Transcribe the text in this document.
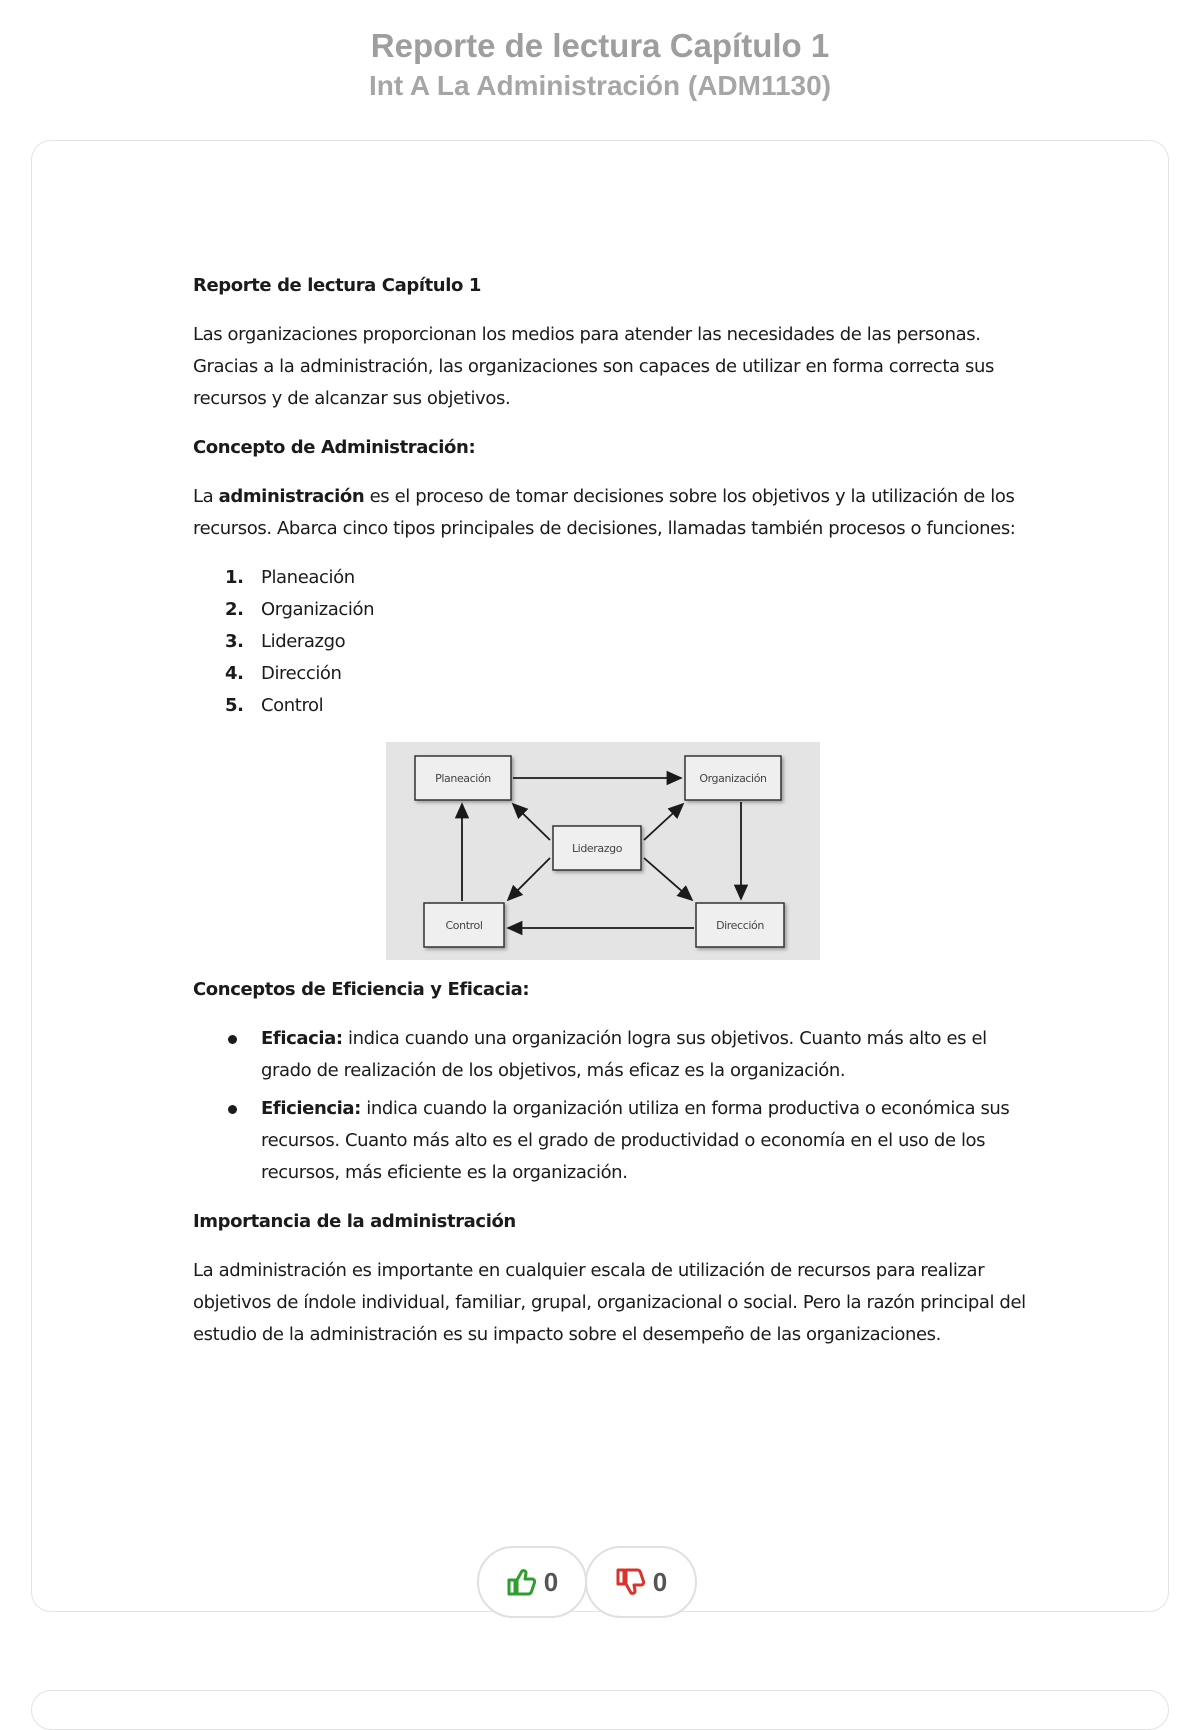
Reporte de lectura Capítulo 1
Int A La Administración (ADM1130)

Reporte de lectura Capítulo 1

Las organizaciones proporcionan los medios para atender las necesidades de las personas. Gracias a la administración, las organizaciones son capaces de utilizar en forma correcta sus recursos y de alcanzar sus objetivos.

Concepto de Administración:

La administración es el proceso de tomar decisiones sobre los objetivos y la utilización de los recursos. Abarca cinco tipos principales de decisiones, llamadas también procesos o funciones:

1. Planeación
2. Organización
3. Liderazgo
4. Dirección
5. Control
Planeación	Organización
Liderazgo
Control	Dirección

Conceptos de Eficiencia y Eficacia:

Eficacia: indica cuando una organización logra sus objetivos. Cuanto más alto es el grado de realización de los objetivos, más eficaz es la organización.
Eficiencia: indica cuando la organización utiliza en forma productiva o económica sus recursos. Cuanto más alto es el grado de productividad o economía en el uso de los recursos, más eficiente es la organización.

Importancia de la administración

La administración es importante en cualquier escala de utilización de recursos para realizar objetivos de índole individual, familiar, grupal, organizacional o social. Pero la razón principal del estudio de la administración es su impacto sobre el desempeño de las organizaciones.

0	0
